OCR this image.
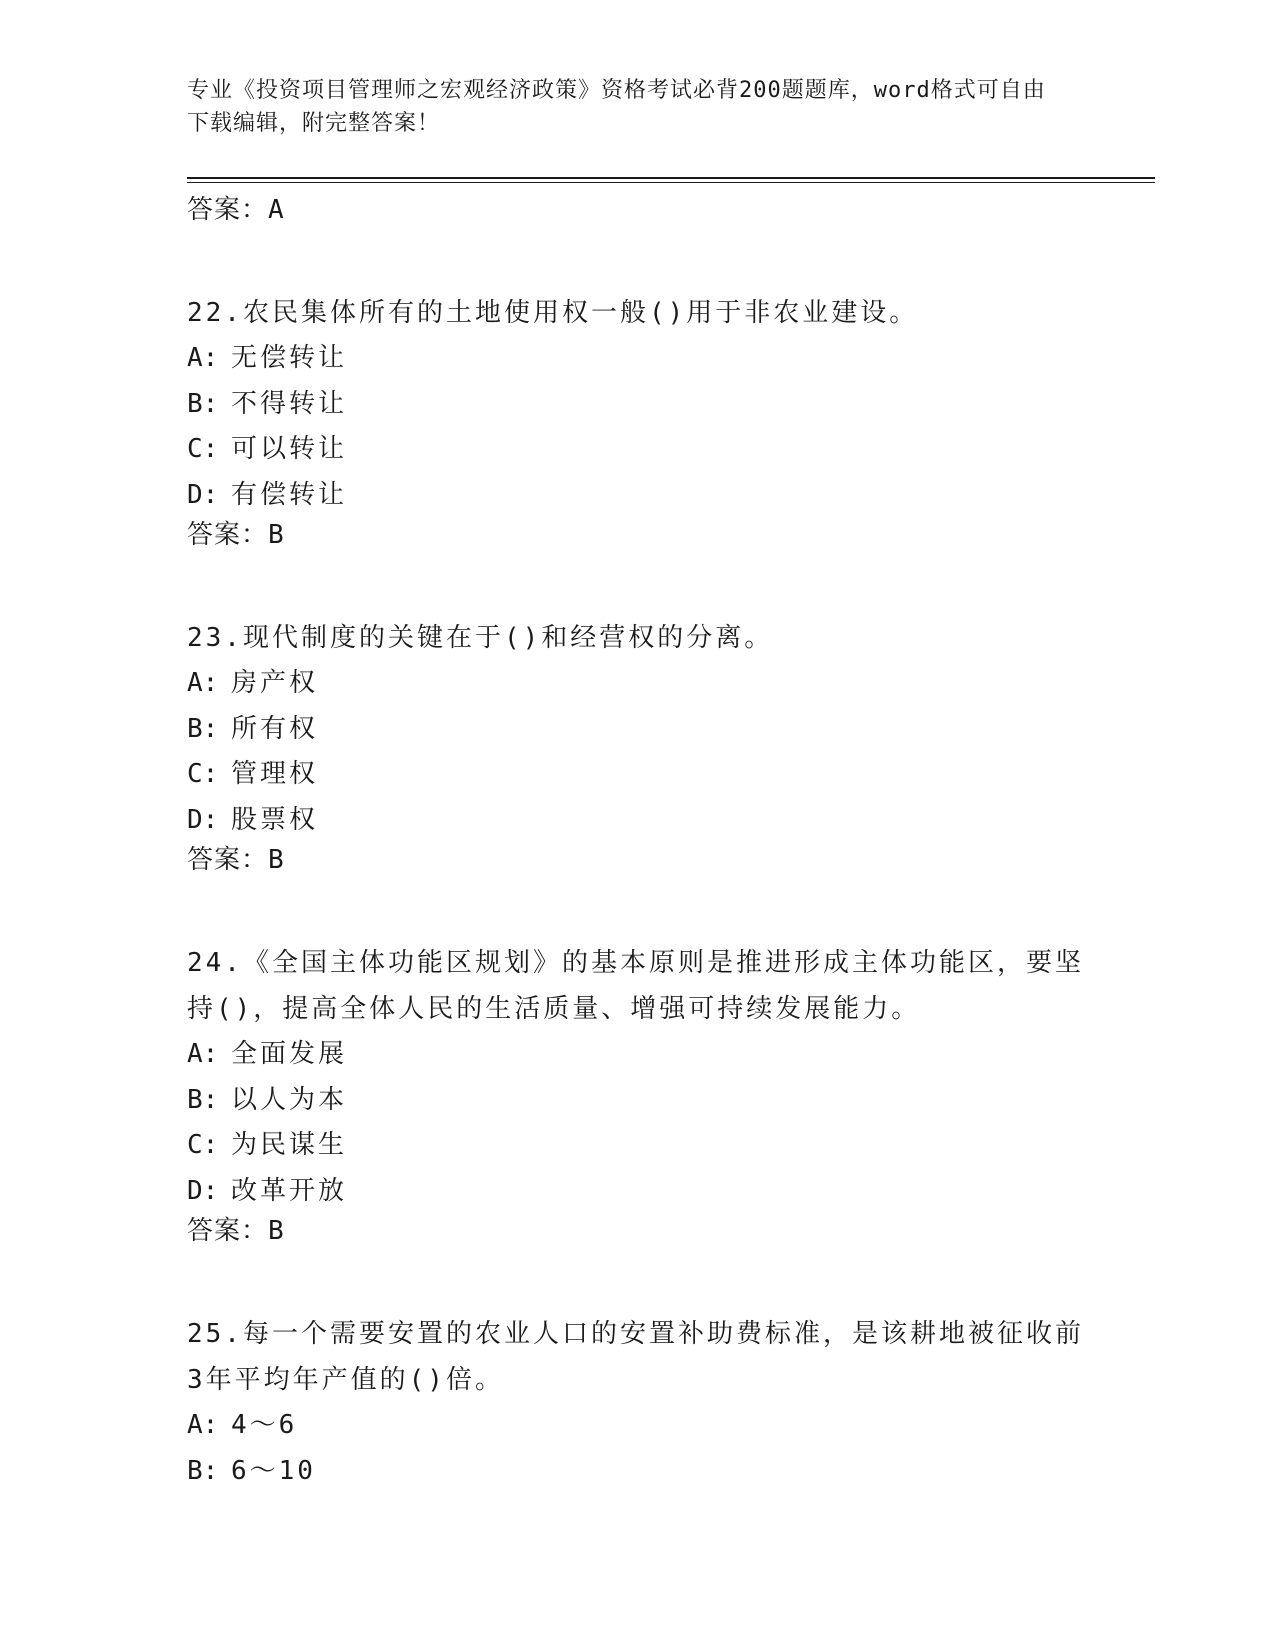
专业《投资项目管理师之宏观经济政策》资格考试必背200题题库，word格式可自由下载编辑，附完整答案！
答案：A
22.农民集体所有的土地使用权一般()用于非农业建设。
A: 无偿转让
B: 不得转让
C: 可以转让
D: 有偿转让
答案：B
23.现代制度的关键在于()和经营权的分离。
A: 房产权
B: 所有权
C: 管理权
D: 股票权
答案：B
24.《全国主体功能区规划》的基本原则是推进形成主体功能区，要坚持()，提高全体人民的生活质量、增强可持续发展能力。
A: 全面发展
B: 以人为本
C: 为民谋生
D: 改革开放
答案：B
25.每一个需要安置的农业人口的安置补助费标准，是该耕地被征收前3年平均年产值的()倍。
A: 4～6
B: 6～10
